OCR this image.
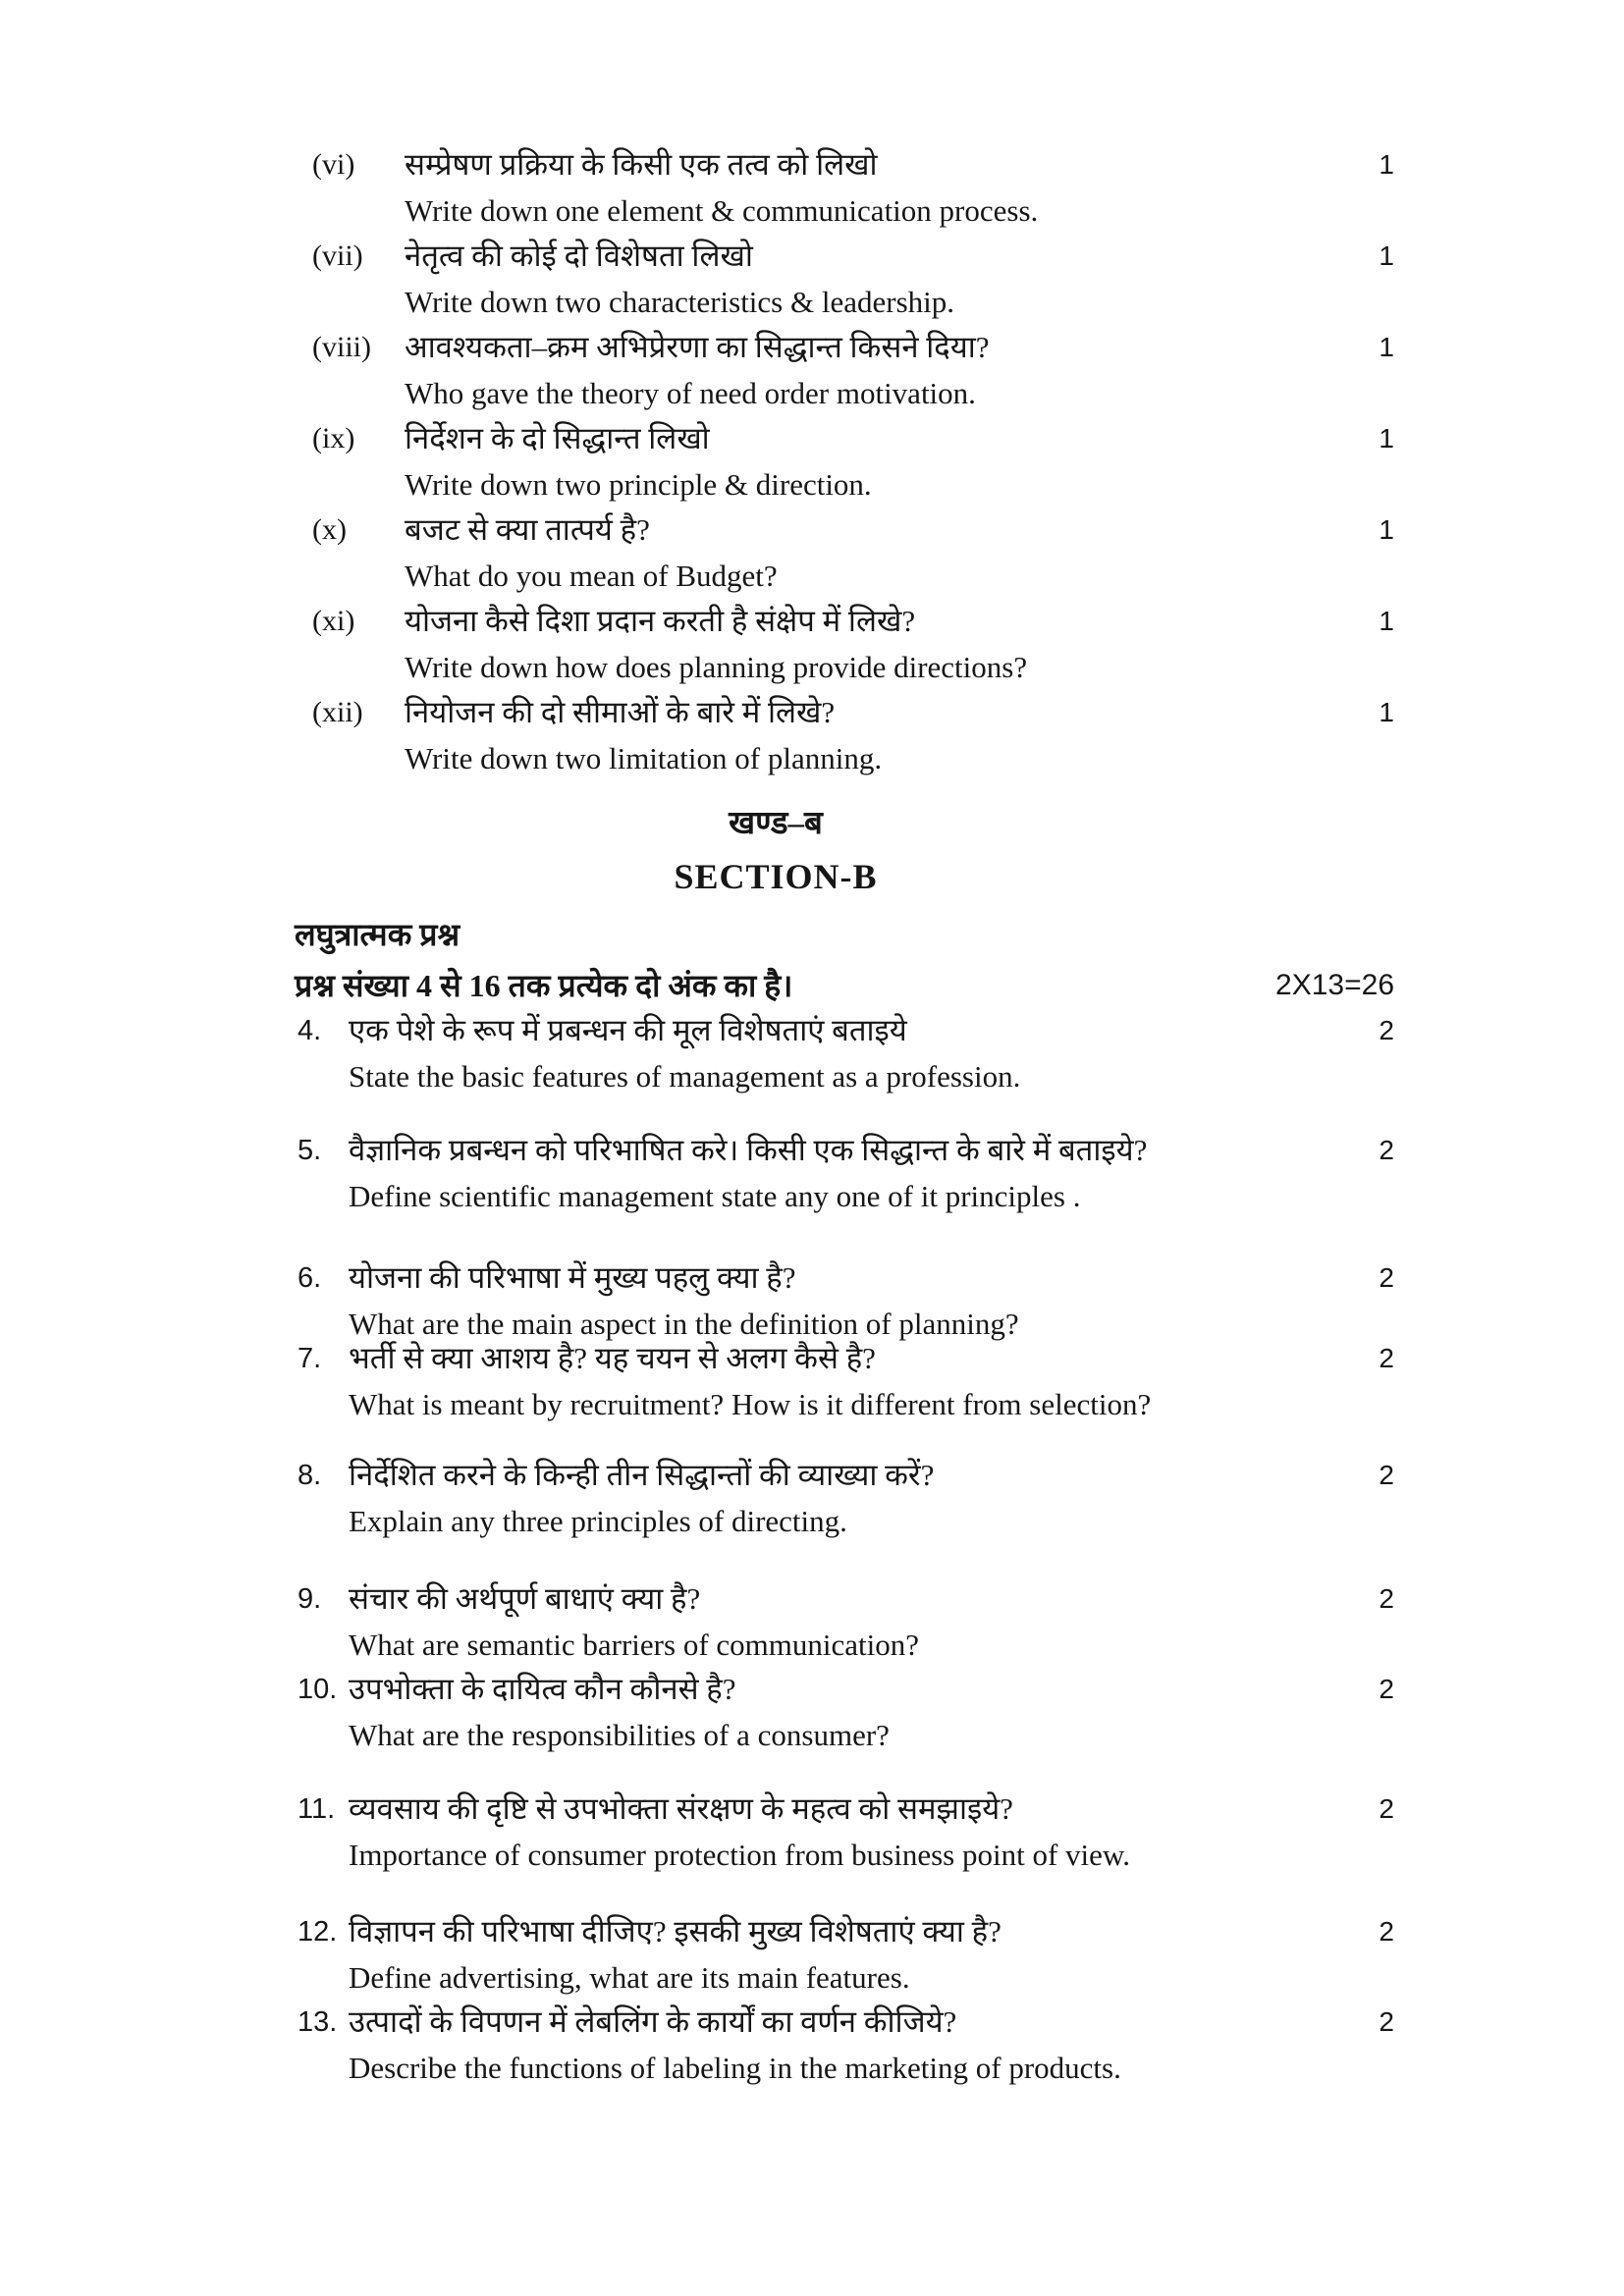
(vi)	सम्प्रेषण प्रक्रिया के किसी एक तत्व को लिखो	1
Write down one element & communication process.
(vii)	नेतृत्व की कोई दो विशेषता लिखो	1
Write down two characteristics & leadership.
(viii)	आवश्यकता–क्रम अभिप्रेरणा का सिद्धान्त किसने दिया?	1
Who gave the theory of need order motivation.
(ix)	निर्देशन के दो सिद्धान्त लिखो	1
Write down two principle & direction.
(x)	बजट से क्या तात्पर्य है?	1
What do you mean of Budget?
(xi)	योजना कैसे दिशा प्रदान करती है संक्षेप में लिखे?	1
Write down how does planning provide directions?
(xii)	नियोजन की दो सीमाओं के बारे में लिखे?	1
Write down two limitation of planning.
खण्ड–ब
SECTION-B
लघुत्रात्मक प्रश्न
प्रश्न संख्या 4 से 16 तक प्रत्येक दो अंक का है।	2X13=26
4. एक पेशे के रूप में प्रबन्धन की मूल विशेषताएं बताइये	2
State the basic features of management as a profession.
5. वैज्ञानिक प्रबन्धन को परिभाषित करे। किसी एक सिद्धान्त के बारे में बताइये?	2
Define scientific management state any one of it principles .
6. योजना की परिभाषा में मुख्य पहलु क्या है?	2
What are the main aspect in the definition of planning?
7. भर्ती से क्या आशय है? यह चयन से अलग कैसे है?	2
What is meant by recruitment? How is it different from selection?
8. निर्देशित करने के किन्ही तीन सिद्धान्तों की व्याख्या करें?	2
Explain any three principles of directing.
9. संचार की अर्थपूर्ण बाधाएं क्या है?	2
What are semantic barriers of communication?
10. उपभोक्ता के दायित्व कौन कौनसे है?	2
What are the responsibilities of a consumer?
11. व्यवसाय की दृष्टि से उपभोक्ता संरक्षण के महत्व को समझाइये?	2
Importance of consumer protection from business point of view.
12. विज्ञापन की परिभाषा दीजिए? इसकी मुख्य विशेषताएं क्या है?	2
Define advertising, what are its main features.
13. उत्पादों के विपणन में लेबलिंग के कार्यों का वर्णन कीजिये?	2
Describe the functions of labeling in the marketing of products.
